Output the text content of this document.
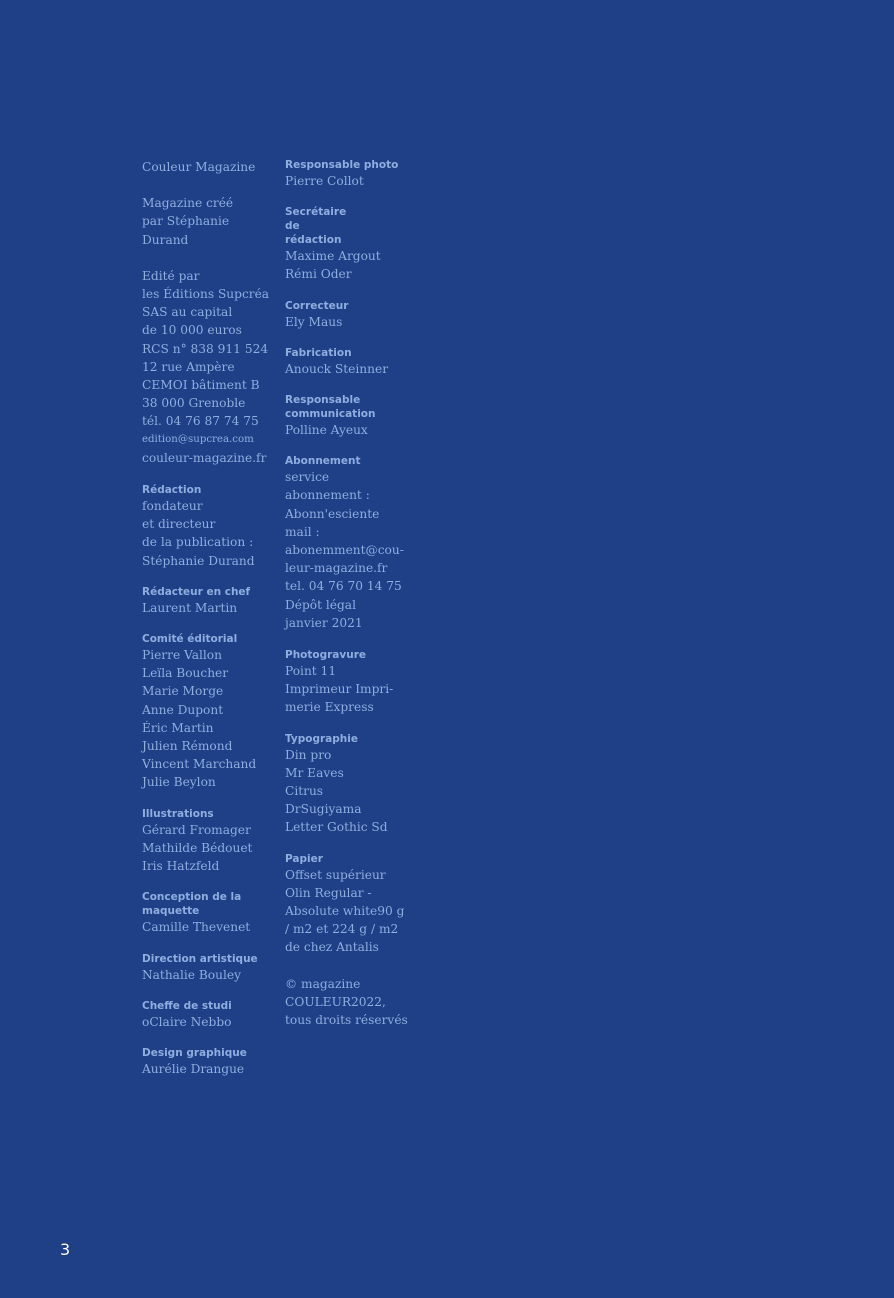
Couleur Magazine
Magazine créé
par Stéphanie
Durand
Edité par
les Éditions Supcréa
SAS au capital
de 10 000 euros
RCS n° 838 911 524
12 rue Ampère
CEMOI bâtiment B
38 000 Grenoble
tél. 04 76 87 74 75
edition@supcrea.com
couleur-magazine.fr
Rédaction
fondateur
et directeur
de la publication :
Stéphanie Durand
Rédacteur en chef
Laurent Martin
Comité éditorial
Pierre Vallon
Leïla Boucher
Marie Morge
Anne Dupont
Éric Martin
Julien Rémond
Vincent Marchand
Julie Beylon
Illustrations
Gérard Fromager
Mathilde Bédouet
Iris Hatzfeld
Conception de la maquette
Camille Thevenet
Direction artistique
Nathalie Bouley
Cheffe de studi
oClaire Nebbo
Design graphique
Aurélie Drangue
Responsable photo
Pierre Collot
Secrétaire de rédaction
Maxime Argout
Rémi Oder
Correcteur
Ely Maus
Fabrication
Anouck Steinner
Responsable communication
Polline Ayeux
Abonnement
service
abonnement :
Abonn'esciente
mail :
abonemment@cou-
leur-magazine.fr
tel. 04 76 70 14 75
Dépôt légal
janvier 2021
Photogravure
Point 11
Imprimeur Impri-
merie Express
Typographie
Din pro
Mr Eaves
Citrus
DrSugiyama
Letter Gothic Sd
Papier
Offset supérieur
Olin Regular -
Absolute white90 g
/ m2 et 224 g / m2
de chez Antalis
© magazine
COULEUR2022,
tous droits réservés
3
